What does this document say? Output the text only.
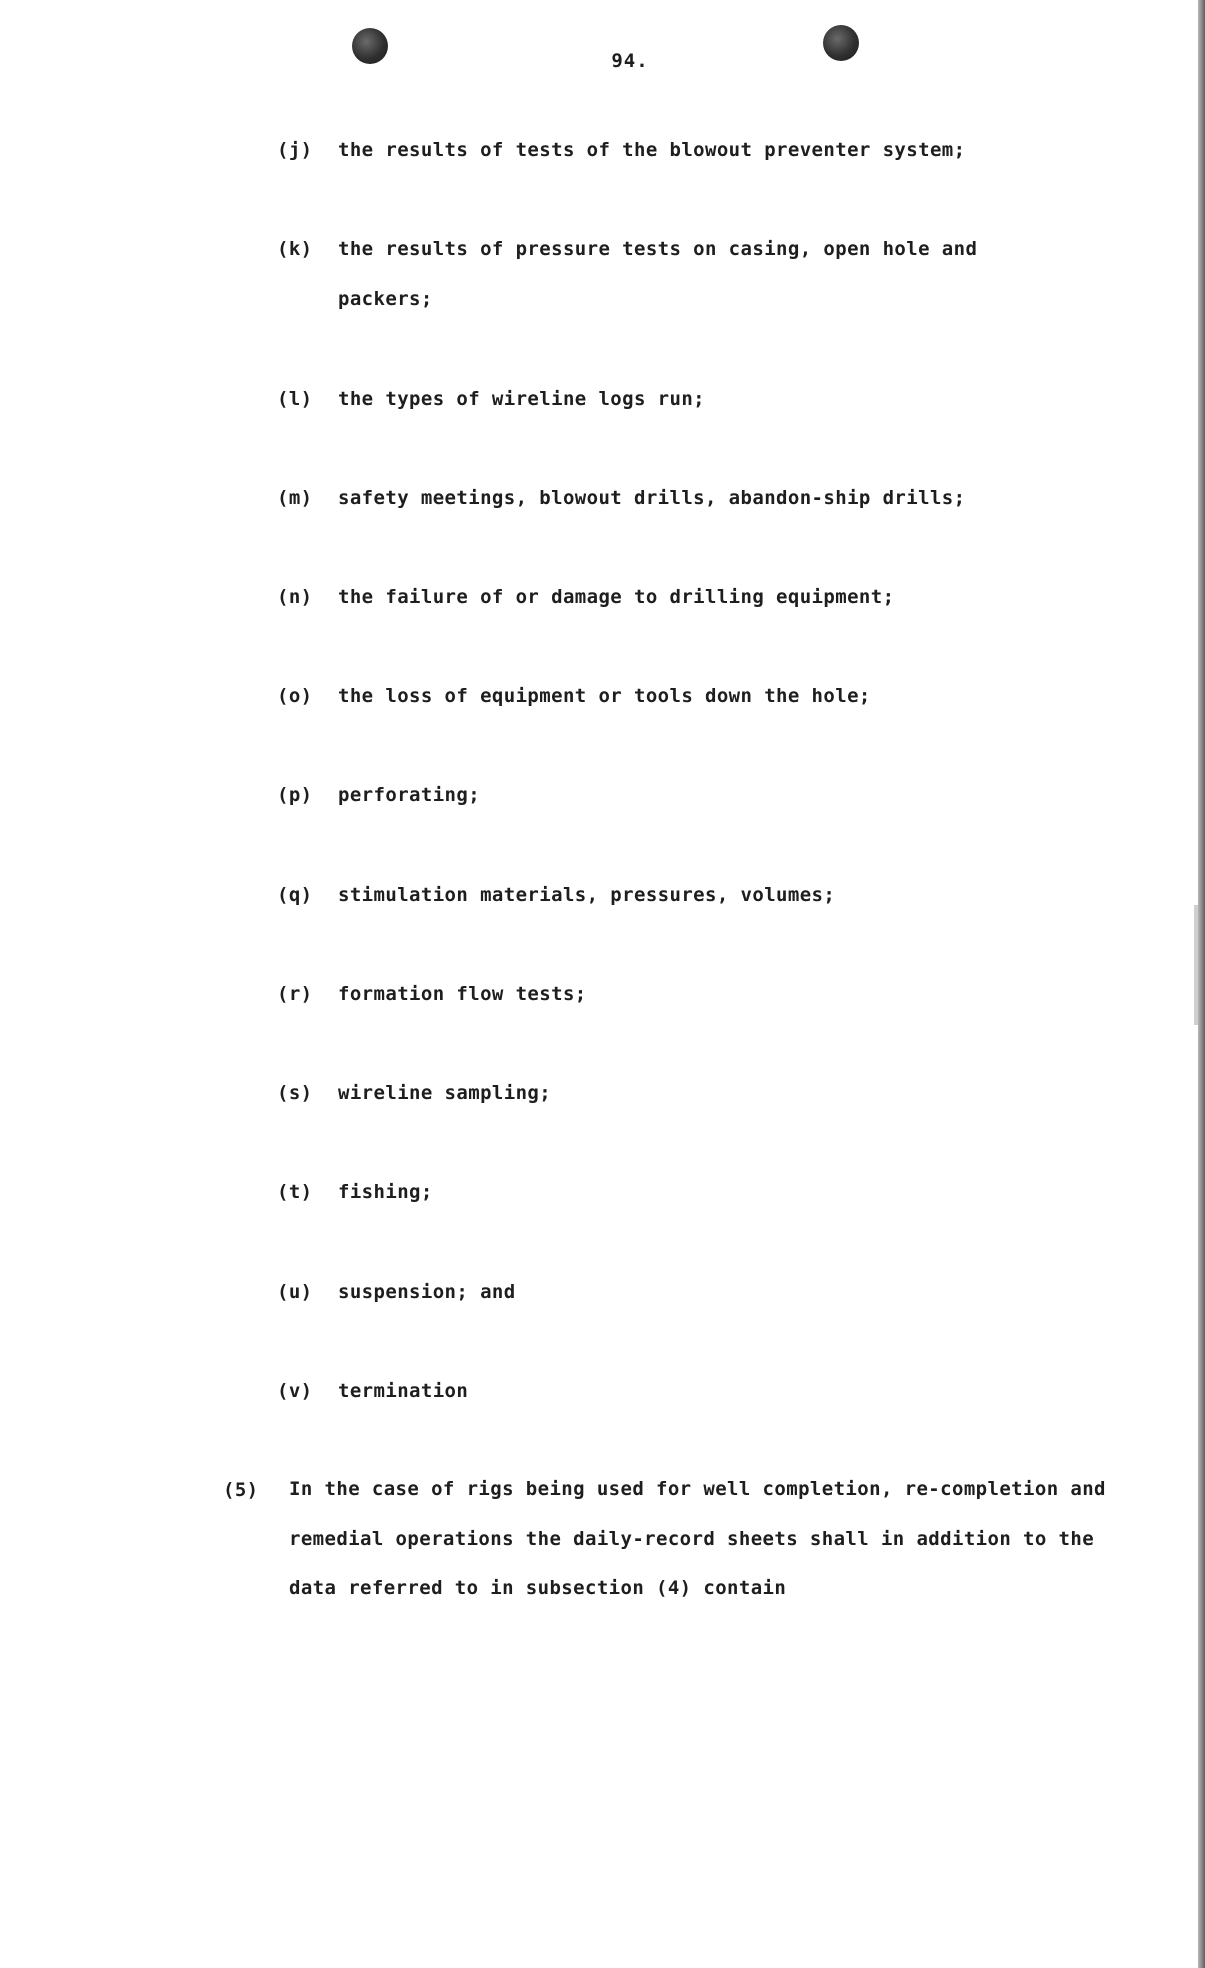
94.
(j) the results of tests of the blowout preventer system;
(k) the results of pressure tests on casing, open hole and packers;
(l) the types of wireline logs run;
(m) safety meetings, blowout drills, abandon-ship drills;
(n) the failure of or damage to drilling equipment;
(o) the loss of equipment or tools down the hole;
(p) perforating;
(q) stimulation materials, pressures, volumes;
(r) formation flow tests;
(s) wireline sampling;
(t) fishing;
(u) suspension; and
(v) termination
(5) In the case of rigs being used for well completion, re-completion and remedial operations the daily-record sheets shall in addition to the data referred to in subsection (4) contain
